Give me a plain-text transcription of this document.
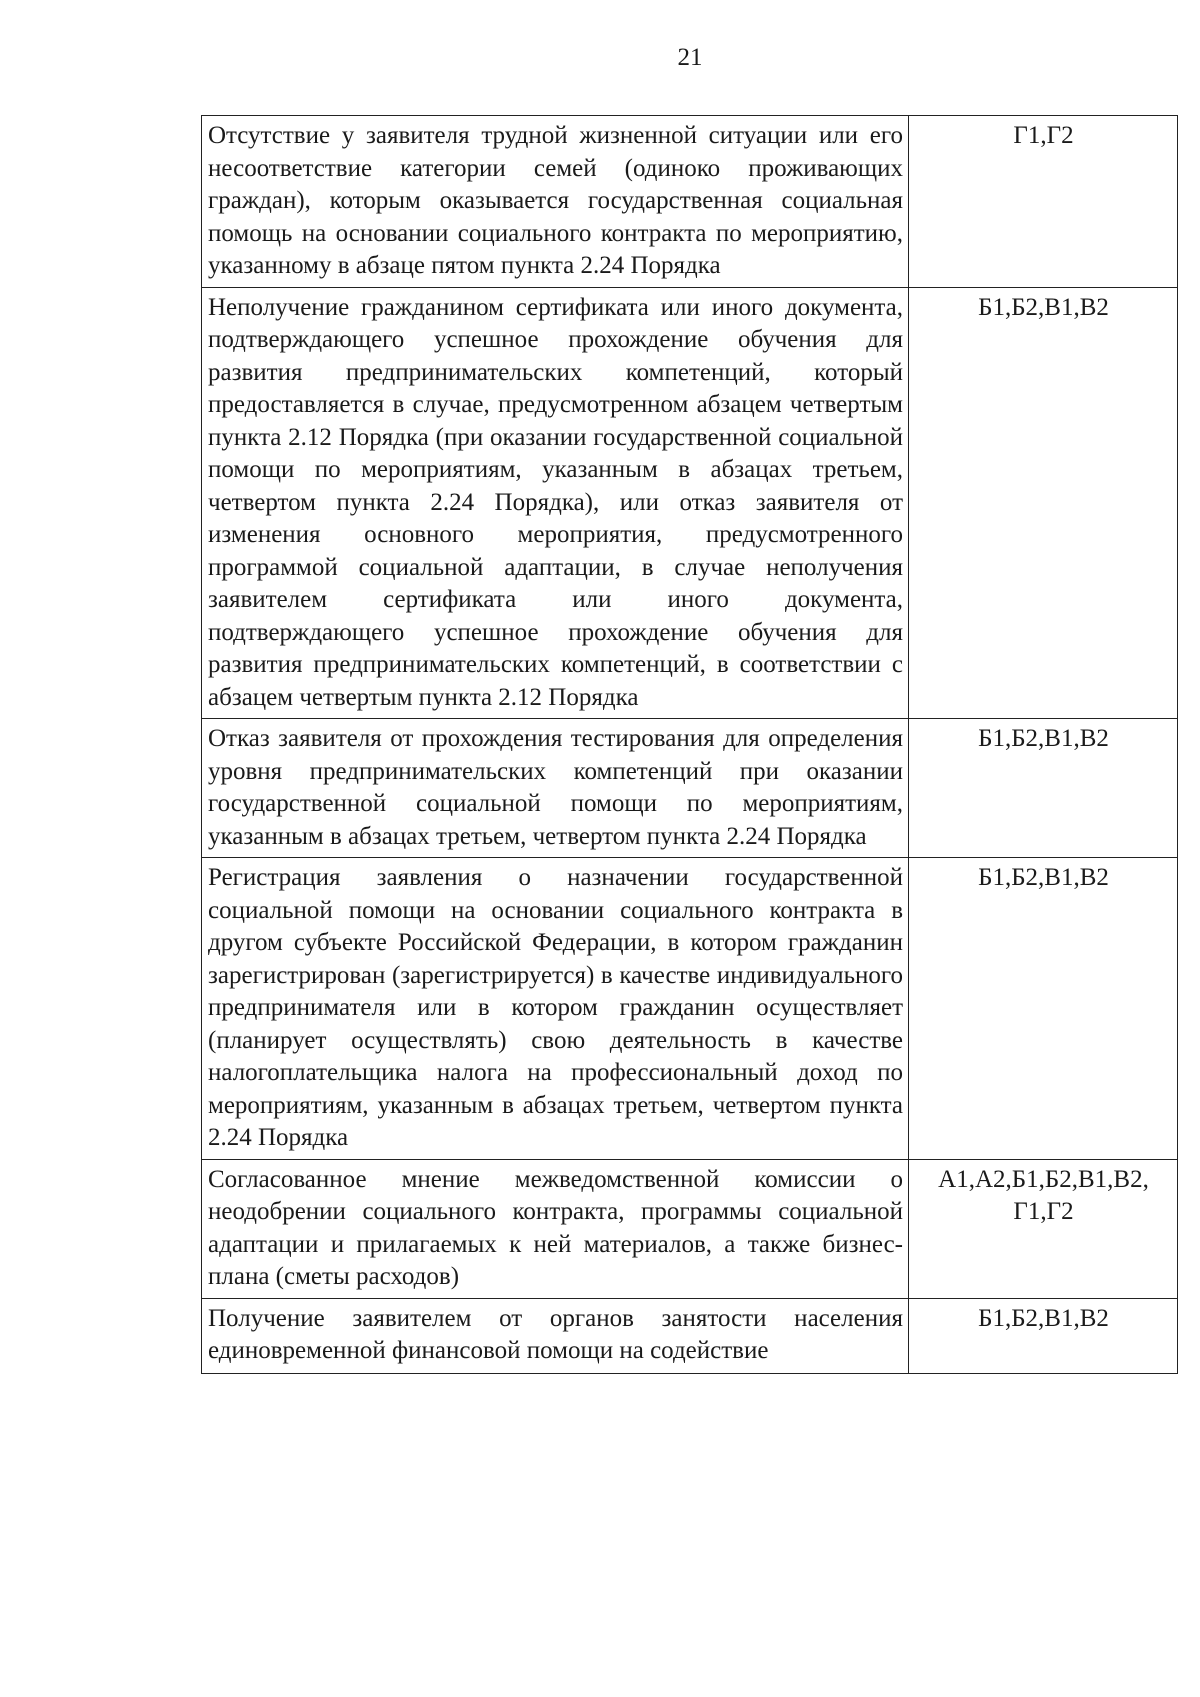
21
Отсутствие у заявителя трудной жизненной ситуации или его несоответствие категории семей (одиноко проживающих граждан), которым оказывается государственная социальная помощь на основании социального контракта по мероприятию, указанному в абзаце пятом пункта 2.24 Порядка	Г1,Г2
Неполучение гражданином сертификата или иного документа, подтверждающего успешное прохождение обучения для развития предпринимательских компетенций, который предоставляется в случае, предусмотренном абзацем четвертым пункта 2.12 Порядка (при оказании государственной социальной помощи по мероприятиям, указанным в абзацах третьем, четвертом пункта 2.24 Порядка), или отказ заявителя от изменения основного мероприятия, предусмотренного программой социальной адаптации, в случае неполучения заявителем сертификата или иного документа, подтверждающего успешное прохождение обучения для развития предпринимательских компетенций, в соответствии с абзацем четвертым пункта 2.12 Порядка	Б1,Б2,В1,В2
Отказ заявителя от прохождения тестирования для определения уровня предпринимательских компетенций при оказании государственной социальной помощи по мероприятиям, указанным в абзацах третьем, четвертом пункта 2.24 Порядка	Б1,Б2,В1,В2
Регистрация заявления о назначении государственной социальной помощи на основании социального контракта в другом субъекте Российской Федерации, в котором гражданин зарегистрирован (зарегистрируется) в качестве индивидуального предпринимателя или в котором гражданин осуществляет (планирует осуществлять) свою деятельность в качестве налогоплательщика налога на профессиональный доход по мероприятиям, указанным в абзацах третьем, четвертом пункта 2.24 Порядка	Б1,Б2,В1,В2
Согласованное мнение межведомственной комиссии о неодобрении социального контракта, программы социальной адаптации и прилагаемых к ней материалов, а также бизнес-плана (сметы расходов)	А1,А2,Б1,Б2,В1,В2, Г1,Г2

Получение заявителем от органов занятости населения единовременной финансовой помощи на содействие	Б1,Б2,В1,В2
